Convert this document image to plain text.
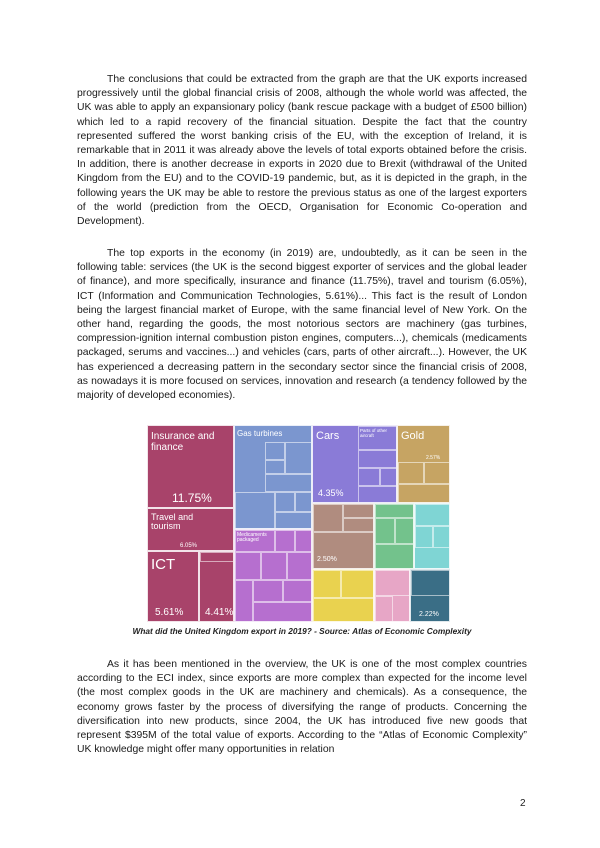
The conclusions that could be extracted from the graph are that the UK exports increased progressively until the global financial crisis of 2008, although the whole world was affected, the UK was able to apply an expansionary policy (bank rescue package with a budget of £500 billion) which led to a rapid recovery of the financial situation. Despite the fact that the country represented suffered the worst banking crisis of the EU, with the exception of Ireland, it is remarkable that in 2011 it was already above the levels of total exports obtained before the crisis. In addition, there is another decrease in exports in 2020 due to Brexit (withdrawal of the United Kingdom from the EU) and to the COVID-19 pandemic, but, as it is depicted in the graph, in the following years the UK may be able to restore the previous status as one of the largest exporters of the world (prediction from the OECD, Organisation for Economic Co-operation and Development).

The top exports in the economy (in 2019) are, undoubtedly, as it can be seen in the following table: services (the UK is the second biggest exporter of services and the global leader of finance), and more specifically, insurance and finance (11.75%), travel and tourism (6.05%), ICT (Information and Communication Technologies, 5.61%)... This fact is the result of London being the largest financial market of Europe, with the same financial level of New York. On the other hand, regarding the goods, the most notorious sectors are machinery (gas turbines, compression-ignition internal combustion piston engines, computers...), chemicals (medicaments packaged, serums and vaccines...) and vehicles (cars, parts of other aircraft...). However, the UK has experienced a decreasing pattern in the secondary sector since the financial crisis of 2008, as nowadays it is more focused on services, innovation and research (a tendency followed by the majority of developed economies).

Insurance and finance
11.75%
Travel and tourism
6.05%
ICT
5.61% 4.41%
Gas turbines
Medicaments packaged
Cars	Parts of other aircraft
4.35%
Gold
2.57%
2.50%
2.22%
What did the United Kingdom export in 2019? - Source: Atlas of Economic Complexity

As it has been mentioned in the overview, the UK is one of the most complex countries according to the ECI index, since exports are more complex than expected for the income level (the most complex goods in the UK are machinery and chemicals). As a consequence, the economy grows faster by the process of diversifying the range of products. Concerning the diversification into new products, since 2004, the UK has introduced five new goods that represent $395M of the total value of exports. According to the “Atlas of Economic Complexity” UK knowledge might offer many opportunities in relation

2
